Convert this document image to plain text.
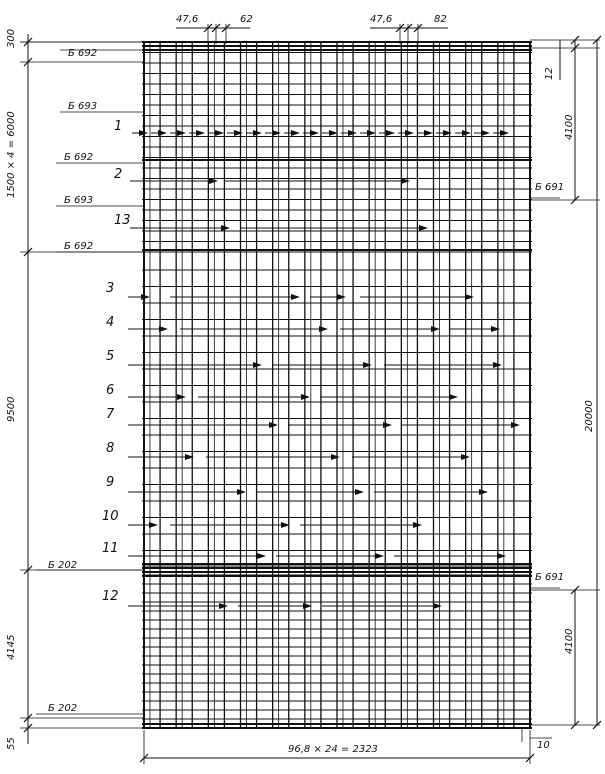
47,6	62	47,6	82
300
1500 × 4 = 6000
9500
4145
55
12
4100
20000
4100
96,8 × 24 = 2323	10
Б 692
Б 693
Б 692
Б 693
Б 692
Б 202
Б 202
Б 691
Б 691
1
2
13
3
4
5
6
7
8
9
10
11
12
